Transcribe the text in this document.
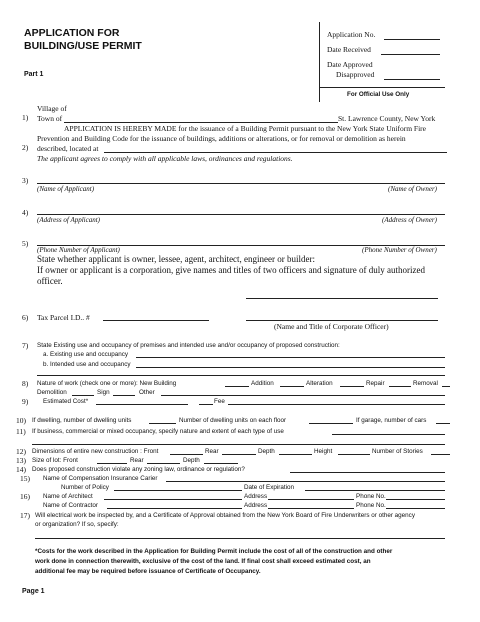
APPLICATION FOR
BUILDING/USE PERMIT
Part 1
Application No.
Date Received
Date Approved
Disapproved
For Official Use Only
Village of
1) Town of	St. Lawrence County, New York
APPLICATION IS HEREBY MADE for the issuance of a Building Permit pursuant to the New York State Uniform Fire
Prevention and Building Code for the issuance of buildings, additions or alterations, or for removal or demolition as herein
2) described, located at
The applicant agrees to comply with all applicable laws, ordinances and regulations.
3)
(Name of Applicant)	(Name of Owner)
4)
(Address of Applicant)	(Address of Owner)
5)
(Phone Number of Applicant)	(Phone Number of Owner)
State whether applicant is owner, lessee, agent, architect, engineer or builder:
If owner or applicant is a corporation, give names and titles of two officers and signature of duly authorized
officer.
6) Tax Parcel I.D.. #
(Name and Title of Corporate Officer)
7) State Existing use and occupancy of premises and intended use and/or occupancy of proposed construction:
a. Existing use and occupancy
b. Intended use and occupancy
8) Nature of work (check one or more): New Building	Addition	Alteration	Repair	Removal
Demolition	Sign	Other
9) Estimated Cost*	Fee
10) If dwelling, number of dwelling units	Number of dwelling units on each floor	If garage, number of cars
11) If business, commercial or mixed occupancy, specify nature and extent of each type of use
12) Dimensions of entire new construction : Front	Rear	Depth	Height	Number of Stories
13) Size of lot: Front	Rear	Depth
14) Does proposed construction violate any zoning law, ordinance or regulation?
15) Name of Compensation Insurance Carier
Number of Policy	Date of Expiration
16) Name of Architect	Address	Phone No.
Name of Contractor	Address	Phone No.
17) Will electrical work be inspected by, and a Certificate of Approval obtained from the New York Board of Fire Underwriters or other agency
or organization? If so, specify:
*Costs for the work described in the Application for Building Permit include the cost of all of the construction and other
work done in connection therewith, exclusive of the cost of the land. If final cost shall exceed estimated cost, an
additional fee may be required before issuance of Certificate of Occupancy.
Page 1
